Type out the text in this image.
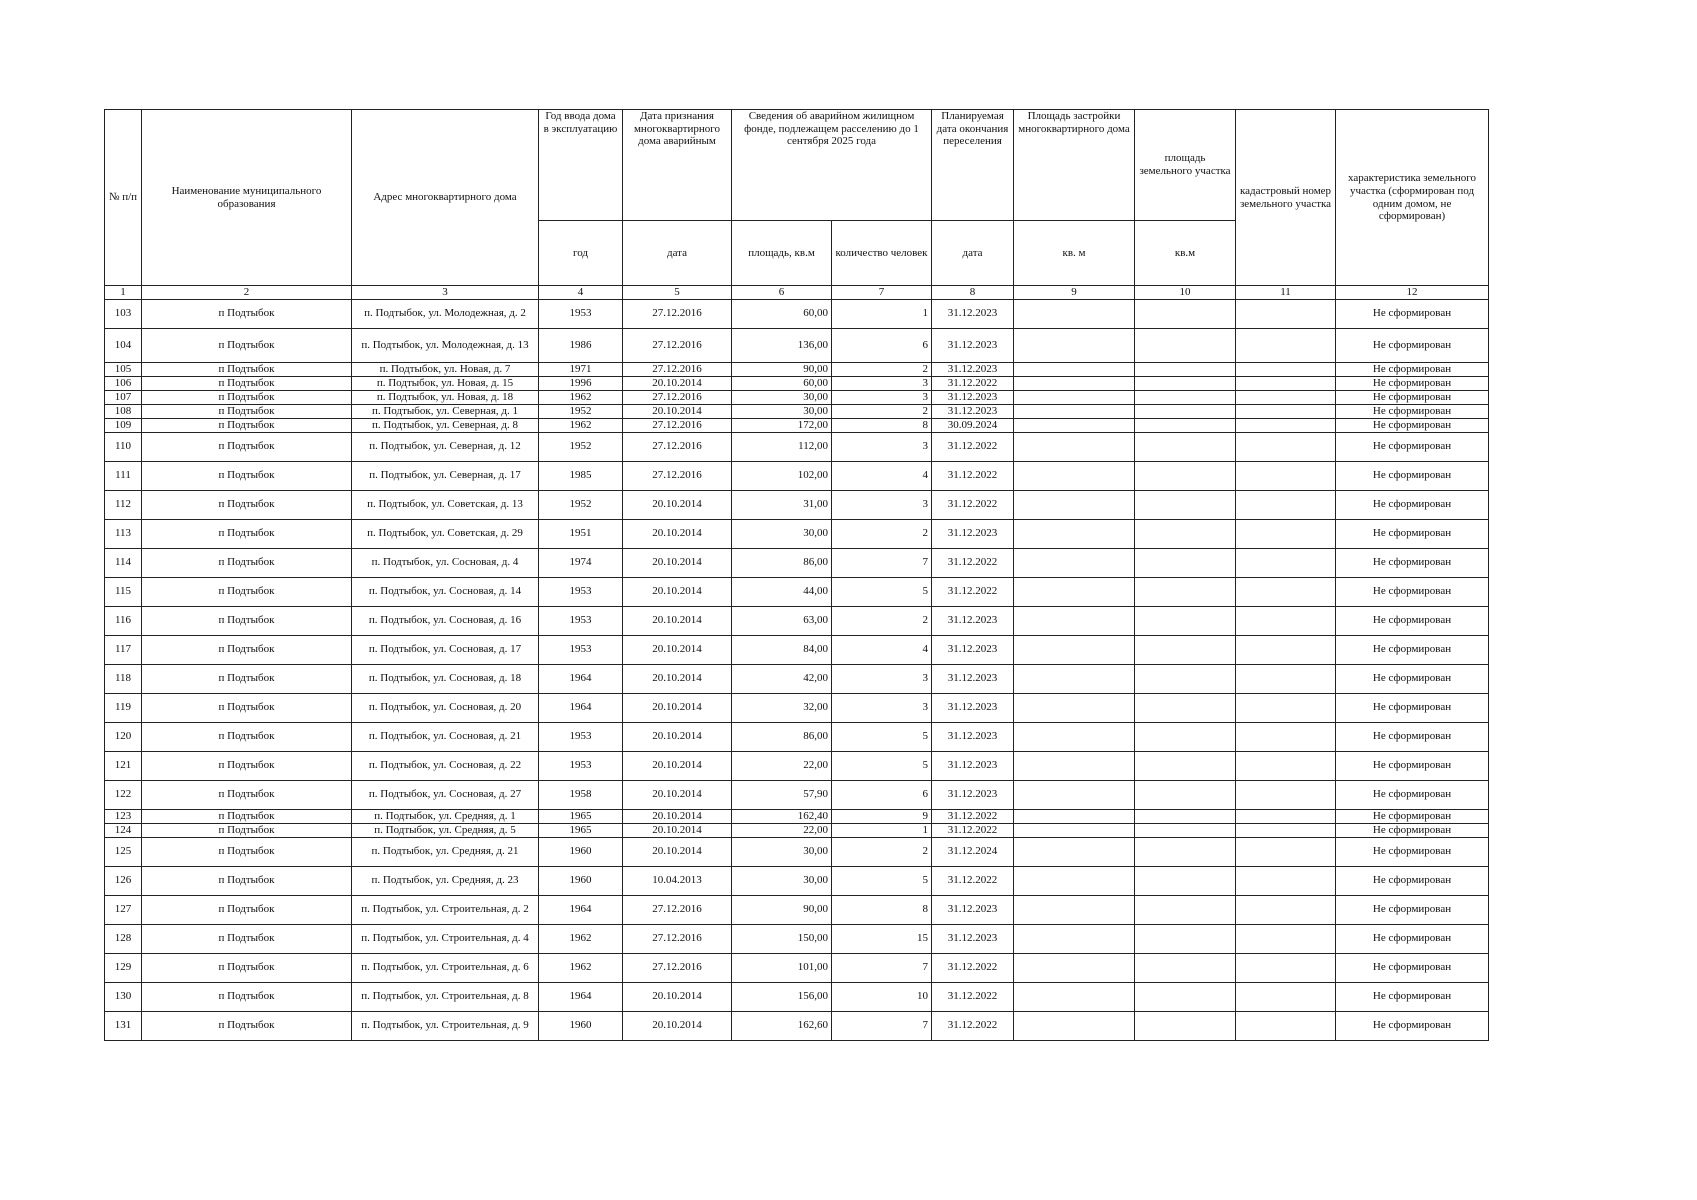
№ п/п	Наименование муниципального образования	Адрес многоквартирного дома	Год ввода дома в эксплуатацию	Дата признания многоквартирного дома аварийным	Сведения об аварийном жилищном фонде, подлежащем расселению до 1 сентября 2025 года		Планируемая дата окончания переселения	Площадь застройки многоквартирного дома	площадь земельного участка	кадастровый номер земельного участка	характеристика земельного участка (сформирован под одним домом, не сформирован)
			год	дата	площадь, кв.м	количество человек	дата	кв. м	кв.м		
1	2	3	4	5	6	7	8	9	10	11	12
103	п Подтыбок	п. Подтыбок, ул. Молодежная, д. 2	1953	27.12.2016	60,00	1	31.12.2023				Не сформирован
104	п Подтыбок	п. Подтыбок, ул. Молодежная, д. 13	1986	27.12.2016	136,00	6	31.12.2023				Не сформирован
105	п Подтыбок	п. Подтыбок, ул. Новая, д. 7	1971	27.12.2016	90,00	2	31.12.2023				Не сформирован
106	п Подтыбок	п. Подтыбок, ул. Новая, д. 15	1996	20.10.2014	60,00	3	31.12.2022				Не сформирован
107	п Подтыбок	п. Подтыбок, ул. Новая, д. 18	1962	27.12.2016	30,00	3	31.12.2023				Не сформирован
108	п Подтыбок	п. Подтыбок, ул. Северная, д. 1	1952	20.10.2014	30,00	2	31.12.2023				Не сформирован
109	п Подтыбок	п. Подтыбок, ул. Северная, д. 8	1962	27.12.2016	172,00	8	30.09.2024				Не сформирован
110	п Подтыбок	п. Подтыбок, ул. Северная, д. 12	1952	27.12.2016	112,00	3	31.12.2022				Не сформирован
111	п Подтыбок	п. Подтыбок, ул. Северная, д. 17	1985	27.12.2016	102,00	4	31.12.2022				Не сформирован
112	п Подтыбок	п. Подтыбок, ул. Советская, д. 13	1952	20.10.2014	31,00	3	31.12.2022				Не сформирован
113	п Подтыбок	п. Подтыбок, ул. Советская, д. 29	1951	20.10.2014	30,00	2	31.12.2023				Не сформирован
114	п Подтыбок	п. Подтыбок, ул. Сосновая, д. 4	1974	20.10.2014	86,00	7	31.12.2022				Не сформирован
115	п Подтыбок	п. Подтыбок, ул. Сосновая, д. 14	1953	20.10.2014	44,00	5	31.12.2022				Не сформирован
116	п Подтыбок	п. Подтыбок, ул. Сосновая, д. 16	1953	20.10.2014	63,00	2	31.12.2023				Не сформирован
117	п Подтыбок	п. Подтыбок, ул. Сосновая, д. 17	1953	20.10.2014	84,00	4	31.12.2023				Не сформирован
118	п Подтыбок	п. Подтыбок, ул. Сосновая, д. 18	1964	20.10.2014	42,00	3	31.12.2023				Не сформирован
119	п Подтыбок	п. Подтыбок, ул. Сосновая, д. 20	1964	20.10.2014	32,00	3	31.12.2023				Не сформирован
120	п Подтыбок	п. Подтыбок, ул. Сосновая, д. 21	1953	20.10.2014	86,00	5	31.12.2023				Не сформирован
121	п Подтыбок	п. Подтыбок, ул. Сосновая, д. 22	1953	20.10.2014	22,00	5	31.12.2023				Не сформирован
122	п Подтыбок	п. Подтыбок, ул. Сосновая, д. 27	1958	20.10.2014	57,90	6	31.12.2023				Не сформирован
123	п Подтыбок	п. Подтыбок, ул. Средняя, д. 1	1965	20.10.2014	162,40	9	31.12.2022				Не сформирован
124	п Подтыбок	п. Подтыбок, ул. Средняя, д. 5	1965	20.10.2014	22,00	1	31.12.2022				Не сформирован
125	п Подтыбок	п. Подтыбок, ул. Средняя, д. 21	1960	20.10.2014	30,00	2	31.12.2024				Не сформирован
126	п Подтыбок	п. Подтыбок, ул. Средняя, д. 23	1960	10.04.2013	30,00	5	31.12.2022				Не сформирован
127	п Подтыбок	п. Подтыбок, ул. Строительная, д. 2	1964	27.12.2016	90,00	8	31.12.2023				Не сформирован
128	п Подтыбок	п. Подтыбок, ул. Строительная, д. 4	1962	27.12.2016	150,00	15	31.12.2023				Не сформирован
129	п Подтыбок	п. Подтыбок, ул. Строительная, д. 6	1962	27.12.2016	101,00	7	31.12.2022				Не сформирован
130	п Подтыбок	п. Подтыбок, ул. Строительная, д. 8	1964	20.10.2014	156,00	10	31.12.2022				Не сформирован
131	п Подтыбок	п. Подтыбок, ул. Строительная, д. 9	1960	20.10.2014	162,60	7	31.12.2022				Не сформирован
